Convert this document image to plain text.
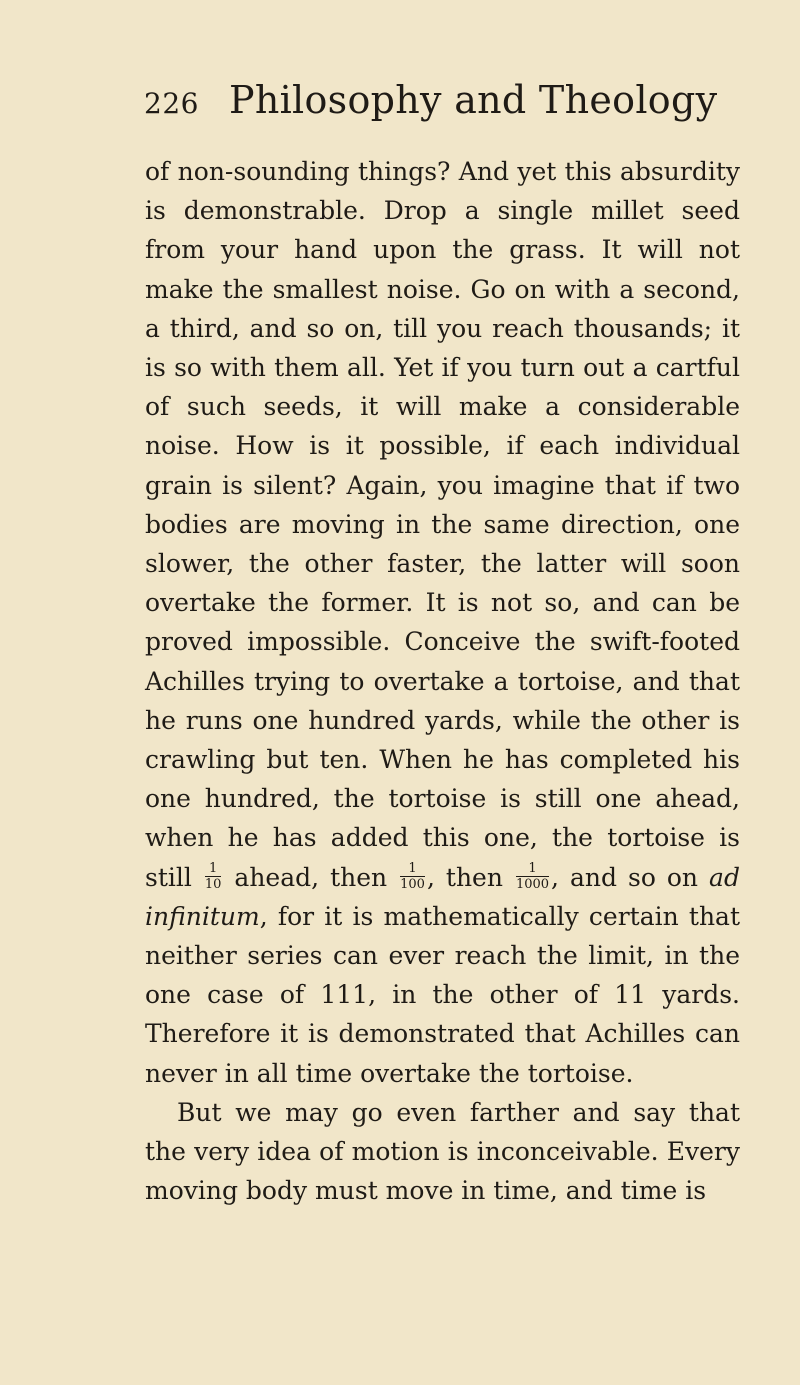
226 Philosophy and Theology

of non-sounding things? And yet this absurdity is demonstrable. Drop a single millet seed from your hand upon the grass. It will not make the smallest noise. Go on with a second, a third, and so on, till you reach thousands; it is so with them all. Yet if you turn out a cartful of such seeds, it will make a considerable noise. How is it possible, if each individual grain is silent? Again, you imagine that if two bodies are moving in the same direction, one slower, the other faster, the latter will soon overtake the former. It is not so, and can be proved impossible. Conceive the swift-footed Achilles trying to overtake a tortoise, and that he runs one hundred yards, while the other is crawling but ten. When he has completed his one hundred, the tortoise is still one ahead, when he has added this one, the tortoise is still $\frac{1}{10}$ ahead, then $\frac{1}{100}$ , then $\frac{1}{1000}$ , and so on ad infinitum, for it is mathematically certain that neither series can ever reach the limit, in the one case of 111, in the other of 11 yards. Therefore it is demonstrated that Achilles can never in all time overtake the tortoise.

But we may go even farther and say that the very idea of motion is inconceivable. Every moving body must move in time, and time is
